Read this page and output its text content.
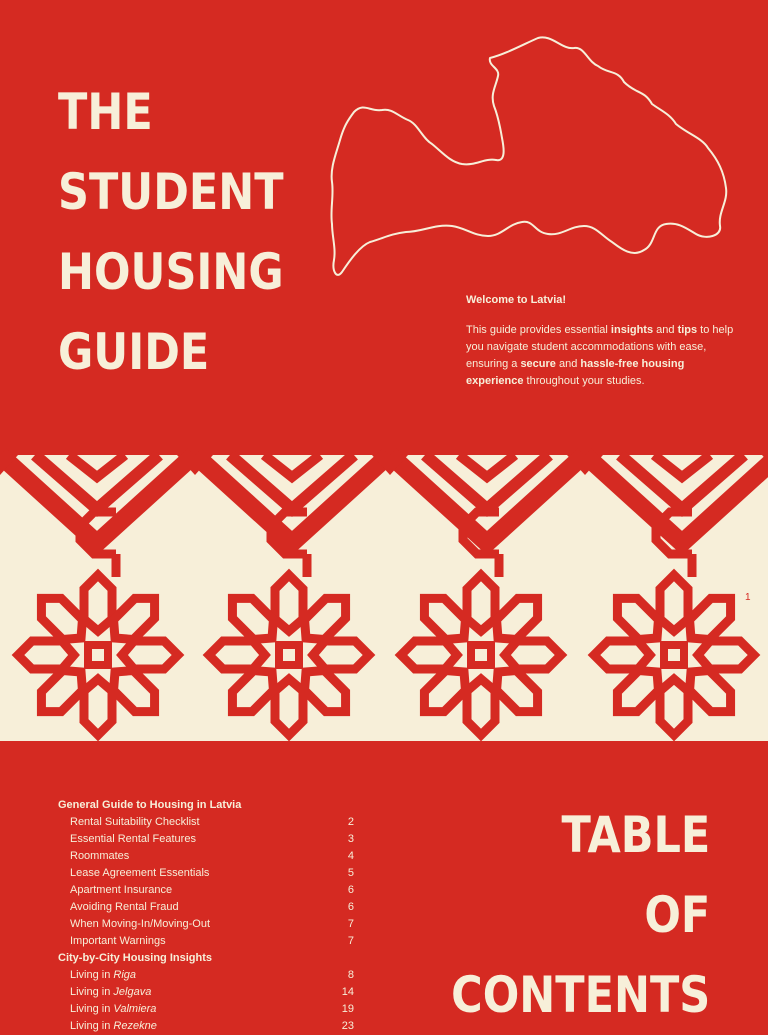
THE
STUDENT
HOUSING
GUIDE
Welcome to Latvia!

This guide provides essential insights and tips to help you navigate student accommodations with ease, ensuring a secure and hassle-free housing experience throughout your studies.

1
General Guide to Housing in Latvia
Rental Suitability Checklist	2
Essential Rental Features	3
Roommates	4
Lease Agreement Essentials	5
Apartment Insurance	6
Avoiding Rental Fraud	6
When Moving-In/Moving-Out	7
Important Warnings	7
City-by-City Housing Insights
Living in Riga	8
Living in Jelgava	14
Living in Valmiera	19
Living in Rezekne	23
TABLE
OF
CONTENTS
